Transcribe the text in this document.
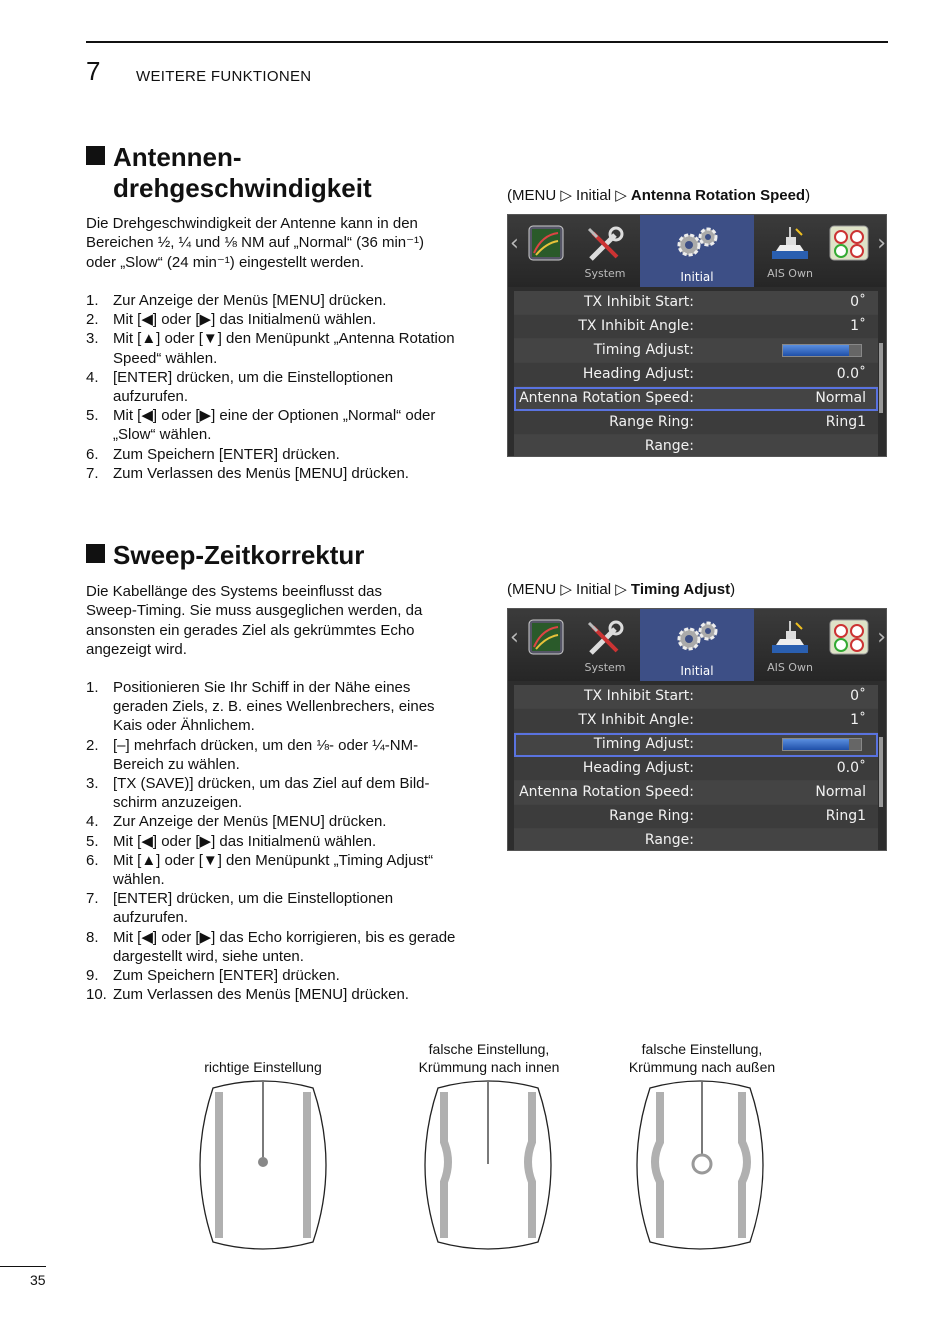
7 WEITERE FUNKTIONEN
Antennen-
drehgeschwindigkeit
Die Drehgeschwindigkeit der Antenne kann in den
Bereichen ½, ¼ und ⅛ NM auf „Normal“ (36 min⁻¹)
oder „Slow“ (24 min⁻¹) eingestellt werden.
1. Zur Anzeige der Menüs [MENU] drücken.
2. Mit [◀] oder [▶] das Initialmenü wählen.
3. Mit [▲] oder [▼] den Menüpunkt „Antenna Rotation Speed“ wählen.
4. [ENTER] drücken, um die Einstelloptionen aufzurufen.
5. Mit [◀] oder [▶] eine der Optionen „Normal“ oder „Slow“ wählen.
6. Zum Speichern [ENTER] drücken.
7. Zum Verlassen des Menüs [MENU] drücken.
(MENU ▷ Initial ▷ Antenna Rotation Speed)
‹
System	Initial	AIS Own
›
TX Inhibit Start:	0˚
TX Inhibit Angle:	1˚
Timing Adjust:
Heading Adjust:	0.0˚
Antenna Rotation Speed:	Normal
Range Ring:	Ring1
Range:
Sweep-Zeitkorrektur
Die Kabellänge des Systems beeinflusst das
Sweep-Timing. Sie muss ausgeglichen werden, da
ansonsten ein gerades Ziel als gekrümmtes Echo
angezeigt wird.
1. Positionieren Sie Ihr Schiff in der Nähe eines geraden Ziels, z. B. eines Wellenbrechers, eines Kais oder Ähnlichem.
2. [–] mehrfach drücken, um den ⅛- oder ¼-NM-Bereich zu wählen.
3. [TX (SAVE)] drücken, um das Ziel auf dem Bildschirm anzuzeigen.
4. Zur Anzeige der Menüs [MENU] drücken.
5. Mit [◀] oder [▶] das Initialmenü wählen.
6. Mit [▲] oder [▼] den Menüpunkt „Timing Adjust“ wählen.
7. [ENTER] drücken, um die Einstelloptionen aufzurufen.
8. Mit [◀] oder [▶] das Echo korrigieren, bis es gerade dargestellt wird, siehe unten.
9. Zum Speichern [ENTER] drücken.
10. Zum Verlassen des Menüs [MENU] drücken.
(MENU ▷ Initial ▷ Timing Adjust)
‹
System	Initial	AIS Own
›
TX Inhibit Start:	0˚
TX Inhibit Angle:	1˚
Timing Adjust:
Heading Adjust:	0.0˚
Antenna Rotation Speed:	Normal
Range Ring:	Ring1
Range:

richtige Einstellung
falsche Einstellung,
Krümmung nach innen
falsche Einstellung,
Krümmung nach außen
35
